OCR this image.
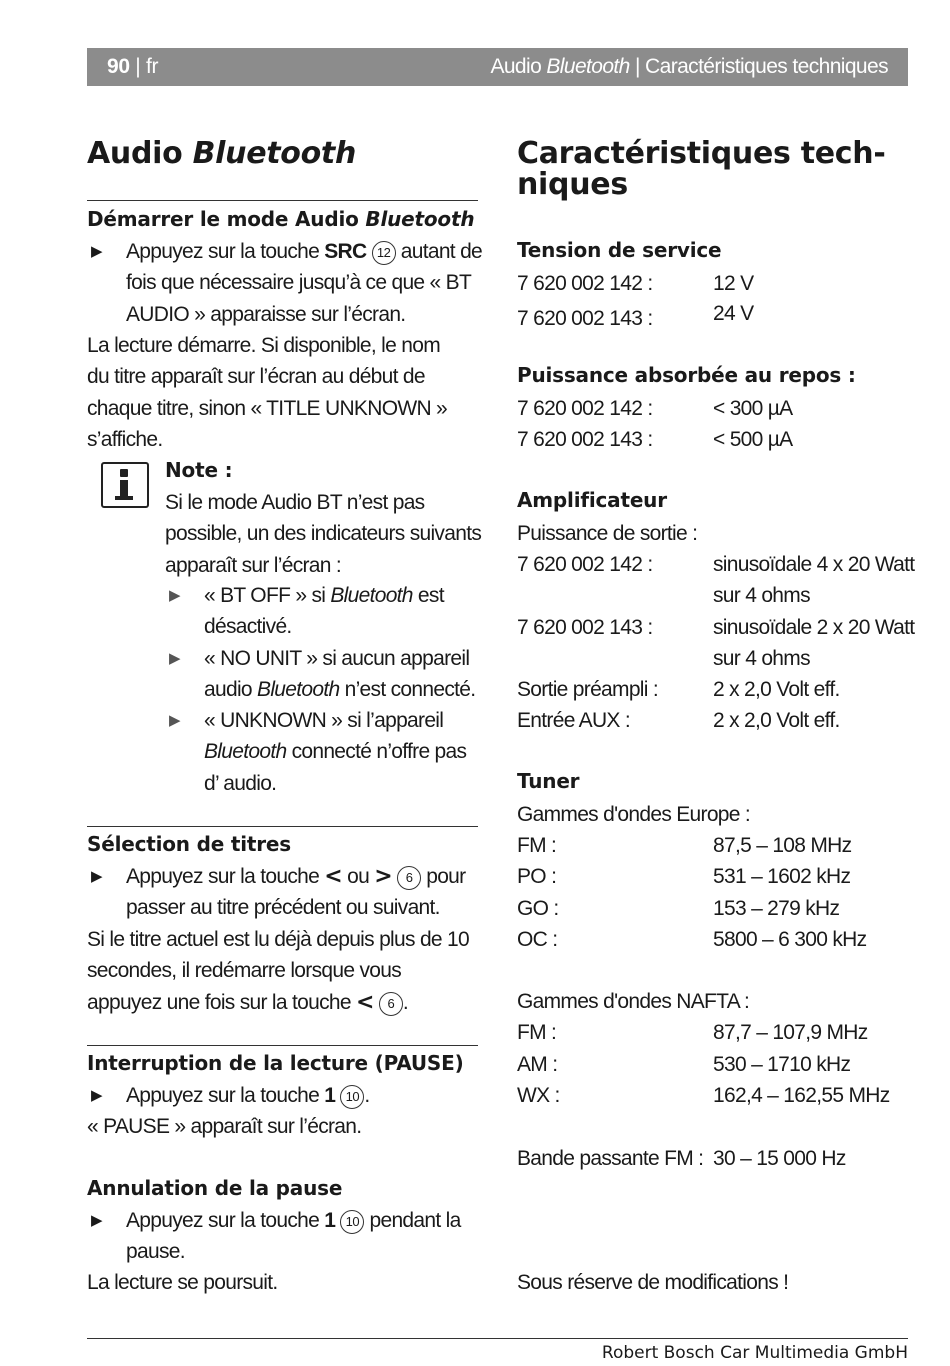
90 | fr	Audio Bluetooth | Caractéristiques techniques
Audio Bluetooth
Démarrer le mode Audio Bluetooth
▶ Appuyez sur la touche SRC 12 autant de fois que nécessaire jusqu’à ce que « BT AUDIO » apparaisse sur l’écran.
La lecture démarre. Si disponible, le nom du titre apparaît sur l’écran au début de chaque titre, sinon « TITLE UNKNOWN » s’affiche.
Note :
Si le mode Audio BT n’est pas possible, un des indicateurs suivants apparaît sur l’écran :
▶ « BT OFF » si Bluetooth est désactivé.
▶ « NO UNIT » si aucun appareil audio Bluetooth n’est connecté.
▶ « UNKNOWN » si l’appareil Bluetooth connecté n’offre pas d’ audio.
Sélection de titres
▶ Appuyez sur la touche < ou > 6 pour passer au titre précédent ou suivant.
Si le titre actuel est lu déjà depuis plus de 10 secondes, il redémarre lorsque vous appuyez une fois sur la touche < 6 .
Interruption de la lecture (PAUSE)
▶ Appuyez sur la touche 1 10 .
« PAUSE » apparaît sur l’écran.
Annulation de la pause
▶ Appuyez sur la touche 1 10 pendant la pause.
La lecture se poursuit.
Caractéristiques tech-
niques
Tension de service
7 620 002 142 :	12 V
7 620 002 143 :	24 V
Puissance absorbée au repos :
7 620 002 142 :	< 300 µA
7 620 002 143 :	< 500 µA
Amplificateur
Puissance de sortie :
7 620 002 142 :	sinusoïdale 4 x 20 Watt sur 4 ohms
7 620 002 143 :	sinusoïdale 2 x 20 Watt sur 4 ohms
Sortie préampli :	2 x 2,0 Volt eff.
Entrée AUX :	2 x 2,0 Volt eff.
Tuner
Gammes d'ondes Europe :
FM :	87,5 – 108 MHz
PO :	531 – 1602 kHz
GO :	153 – 279 kHz
OC :	5800 – 6 300 kHz
Gammes d'ondes NAFTA :
FM :	87,7 – 107,9 MHz
AM :	530 – 1710 kHz
WX :	162,4 – 162,55 MHz
Bande passante FM : 30 – 15 000 Hz
Sous réserve de modifications !
Robert Bosch Car Multimedia GmbH
